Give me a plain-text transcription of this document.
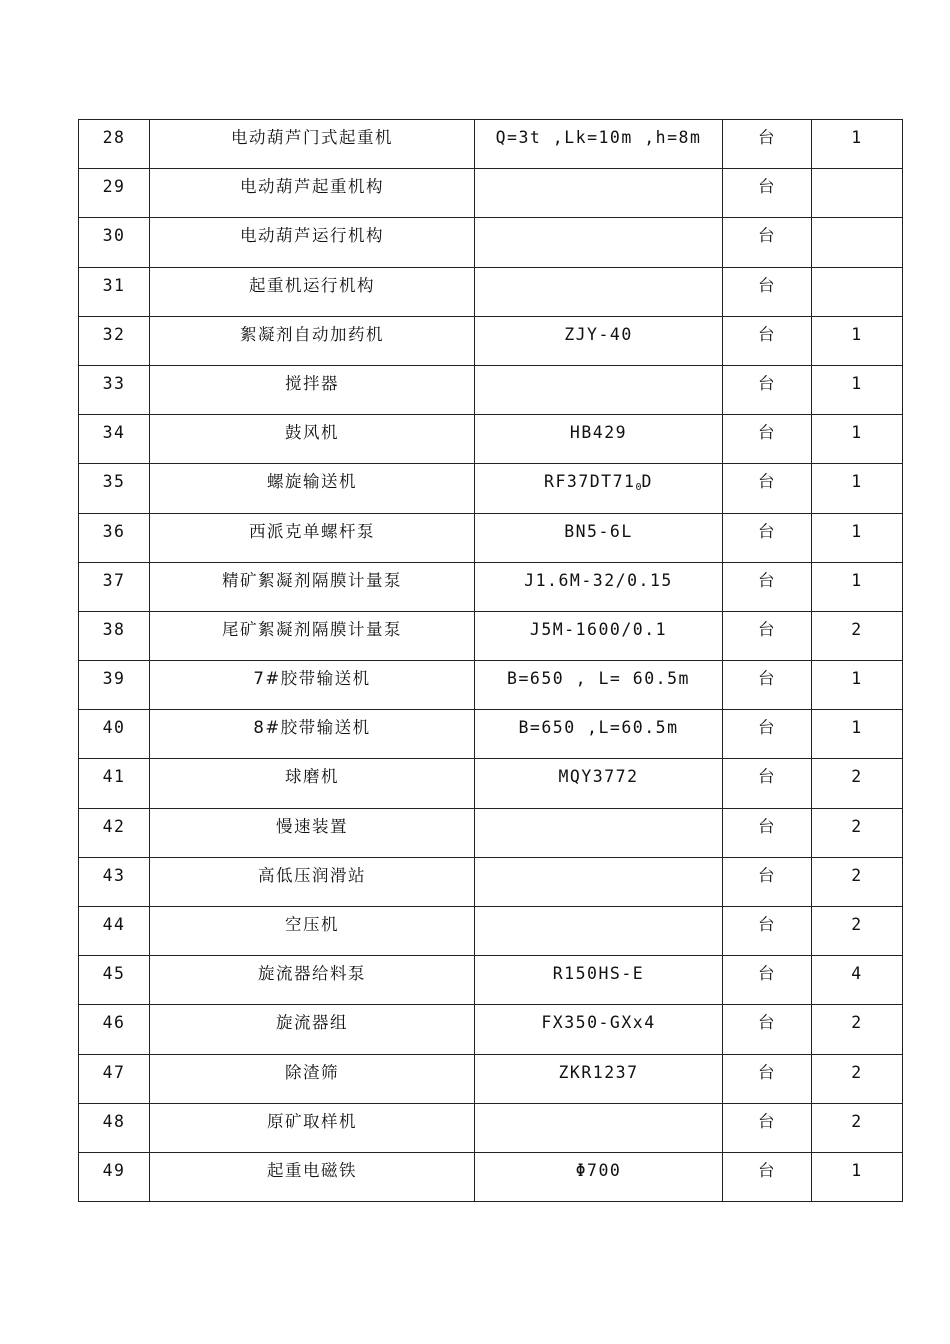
28	电动葫芦门式起重机	Q=3t ,Lk=10m ,h=8m	台	1
29	电动葫芦起重机构		台	
30	电动葫芦运行机构		台	
31	起重机运行机构		台	
32	絮凝剂自动加药机	ZJY-40	台	1
33	搅拌器		台	1
34	鼓风机	HB429	台	1
35	螺旋输送机	$RF37DT71_0D$	台	1
36	西派克单螺杆泵	BN5-6L	台	1
37	精矿絮凝剂隔膜计量泵	J1.6M-32/0.15	台	1
38	尾矿絮凝剂隔膜计量泵	J5M-1600/0.1	台	2
39	7#胶带输送机	B=650 , L= 60.5m	台	1
40	8#胶带输送机	B=650 ,L=60.5m	台	1
41	球磨机	MQY3772	台	2
42	慢速装置		台	2
43	高低压润滑站		台	2
44	空压机		台	2
45	旋流器给料泵	R150HS-E	台	4
46	旋流器组	FX350-GXx4	台	2
47	除渣筛	ZKR1237	台	2
48	原矿取样机		台	2
49	起重电磁铁	Φ700	台	1
